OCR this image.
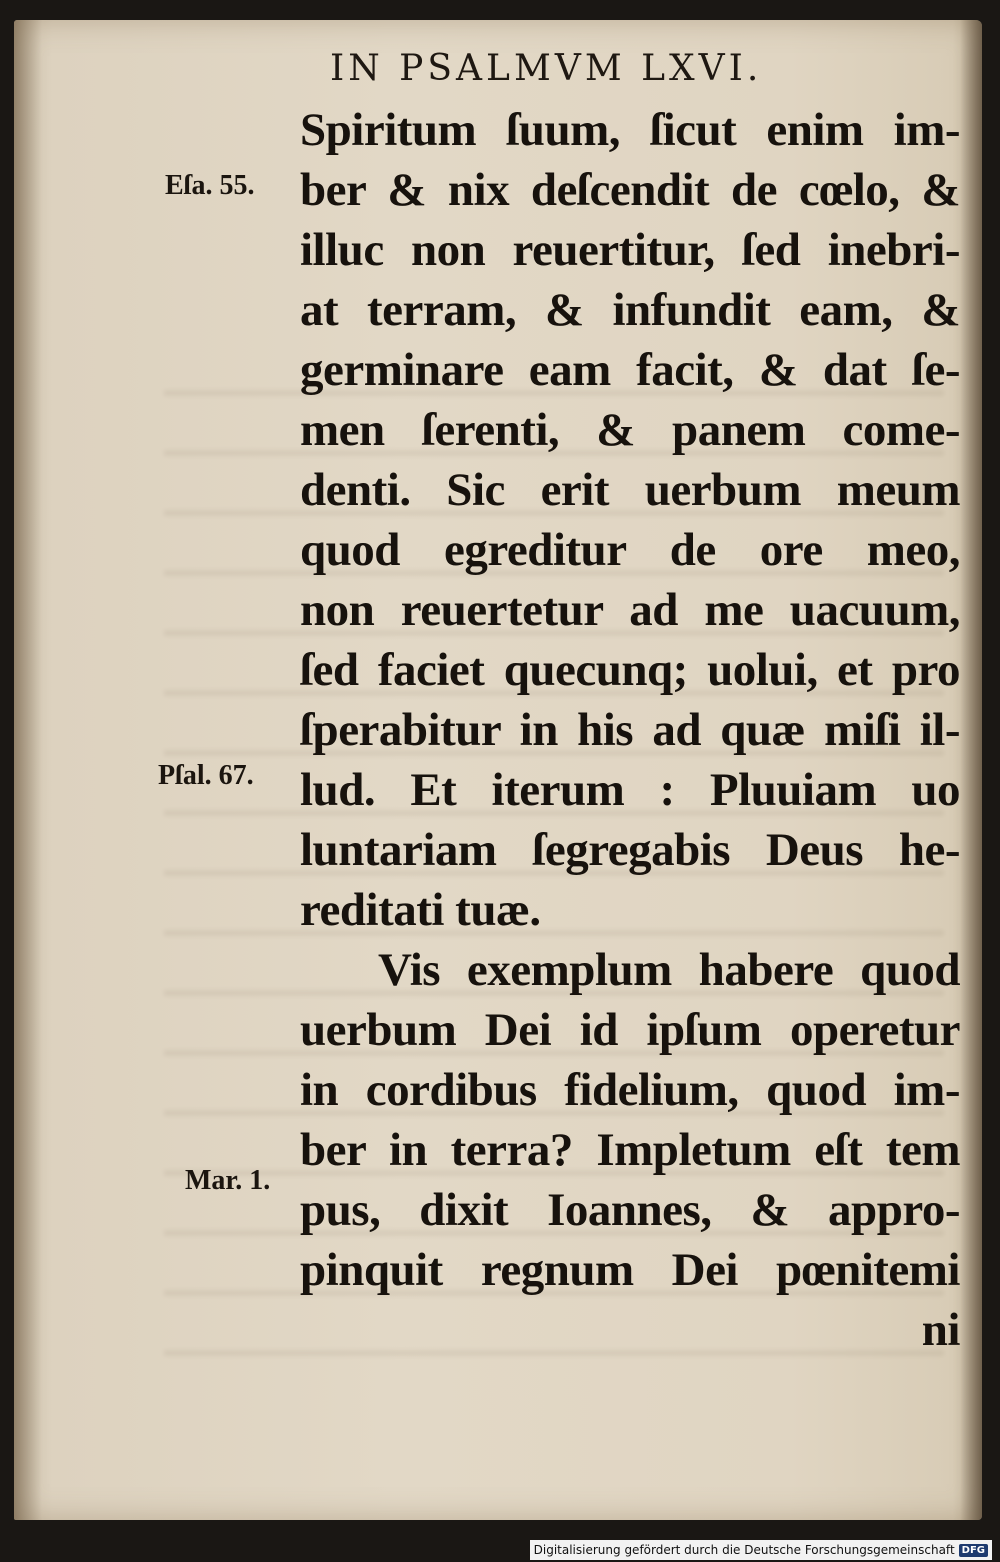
IN PSALMVM LXVI.
Eſa. 55.
Pſal. 67.
Mar. 1.
Spiritum ſuum, ſicut enim im-
ber & nix deſcendit de cœlo, &
illuc non reuertitur, ſed inebri-
at terram, & infundit eam, &
germinare eam facit, & dat ſe-
men ſerenti, & panem come-
denti. Sic erit uerbum meum
quod egreditur de ore meo,
non reuertetur ad me uacuum,
ſed faciet quecunq; uolui, et pro
ſperabitur in his ad quæ miſi il-
lud. Et iterum : Pluuiam uo
luntariam ſegregabis Deus he-
reditati tuæ.
Vis exemplum habere quod
uerbum Dei id ipſum operetur
in cordibus fidelium, quod im-
ber in terra? Impletum eſt tem
pus, dixit Ioannes, & appro-
pinquit regnum Dei pœnitemi
ni
Digitalisierung gefördert durch die Deutsche Forschungsgemeinschaft DFG
